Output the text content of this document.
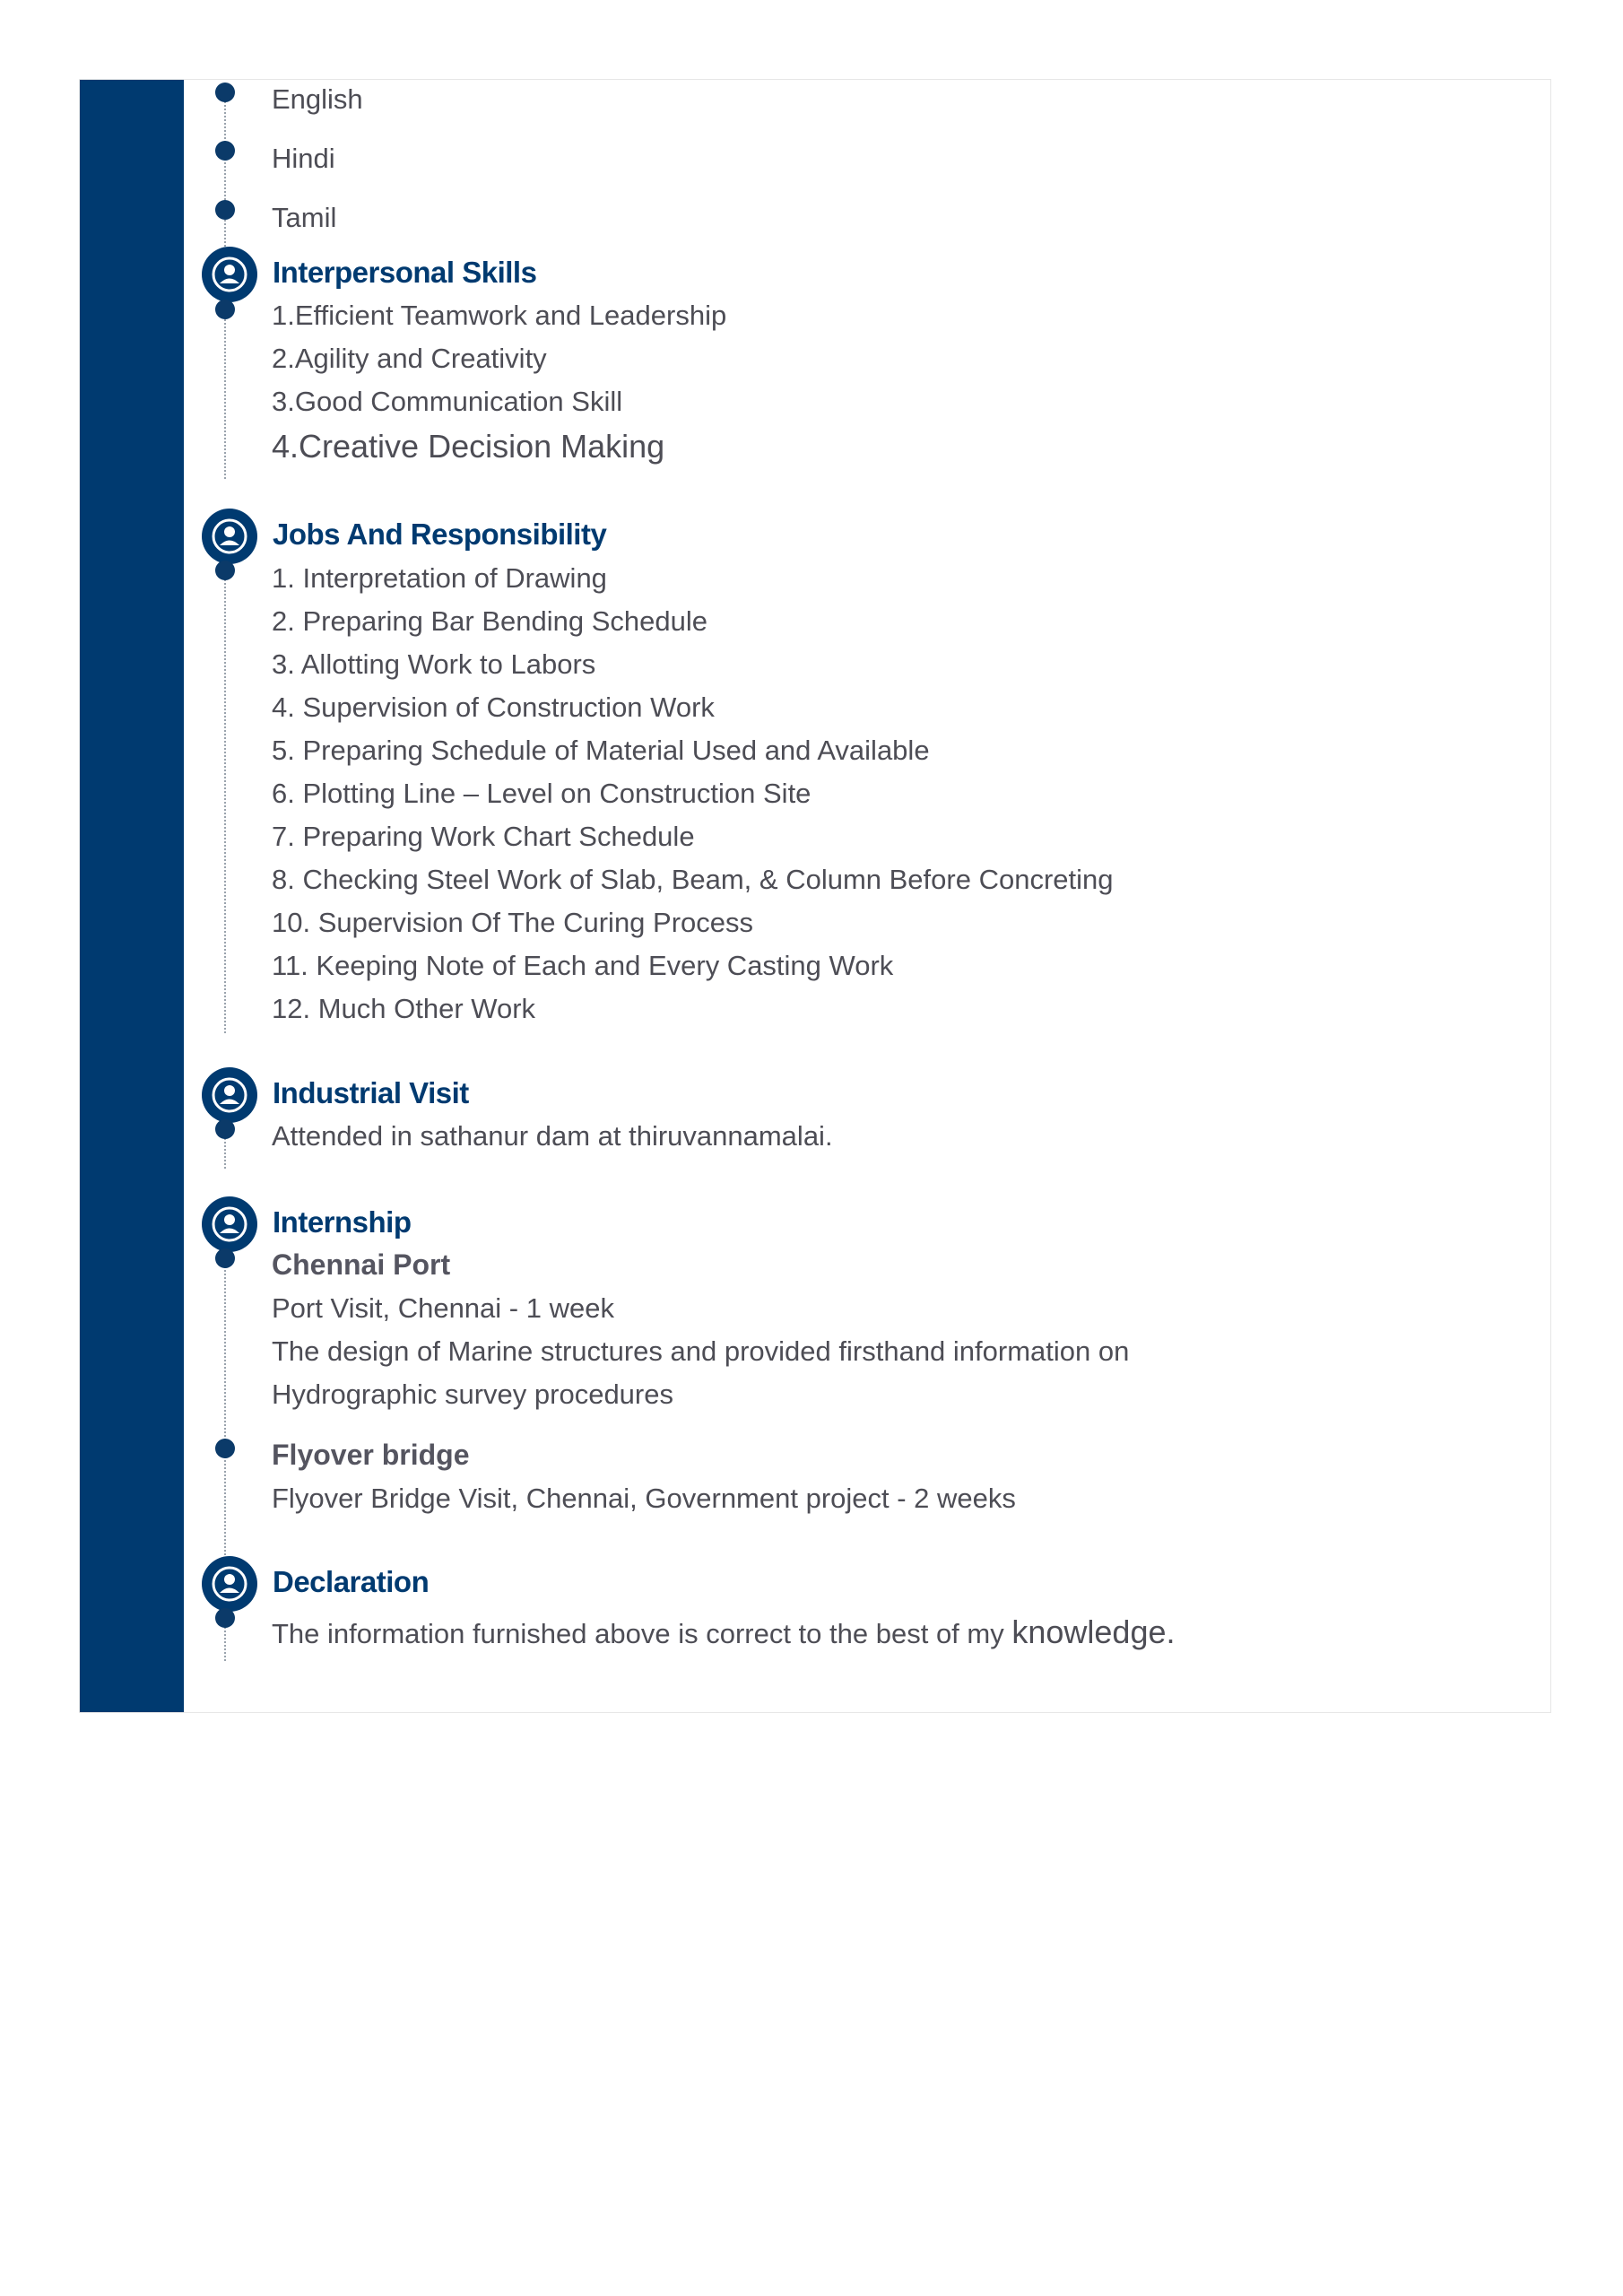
English
Hindi
Tamil
Interpersonal Skills
1.Efficient Teamwork and Leadership
2.Agility and Creativity
3.Good Communication Skill
4.Creative Decision Making
Jobs And Responsibility
1. Interpretation of Drawing
2. Preparing Bar Bending Schedule
3. Allotting Work to Labors
4. Supervision of Construction Work
5. Preparing Schedule of Material Used and Available
6. Plotting Line – Level on Construction Site
7. Preparing Work Chart Schedule
8. Checking Steel Work of Slab, Beam, & Column Before Concreting
10. Supervision Of The Curing Process
11. Keeping Note of Each and Every Casting Work
12. Much Other Work
Industrial Visit
Attended in sathanur dam at thiruvannamalai.
Internship
Chennai Port
Port Visit, Chennai - 1 week
The design of Marine structures and provided firsthand information on
Hydrographic survey procedures
Flyover bridge
Flyover Bridge Visit, Chennai, Government project - 2 weeks
Declaration
The information furnished above is correct to the best of my knowledge.
